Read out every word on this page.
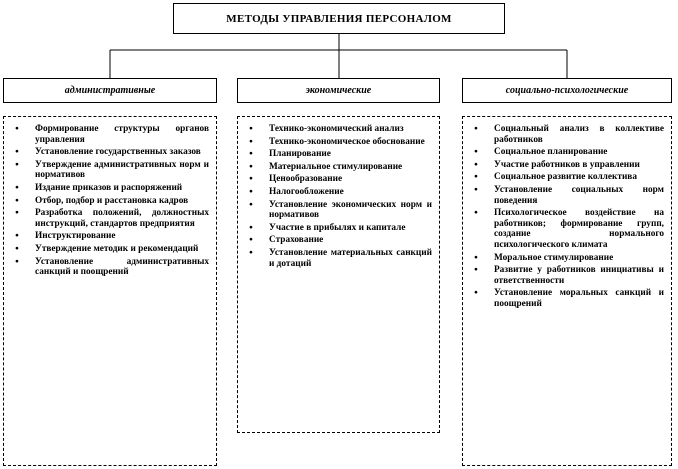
МЕТОДЫ УПРАВЛЕНИЯ ПЕРСОНАЛОМ
административные	экономические	социально-психологические
● Формирование структуры органов управления
● Установление государственных заказов
● Утверждение административных норм и нормативов
● Издание приказов и распоряжений
● Отбор, подбор и расстановка кадров
● Разработка положений, должностных инструкций, стандартов предприятия
● Инструктирование
● Утверждение методик и рекомендаций
● Установление административных санкций и поощрений
● Технико-экономический анализ
● Технико-экономическое обоснование
● Планирование
● Материальное стимулирование
● Ценообразование
● Налогообложение
● Установление экономических норм и нормативов
● Участие в прибылях и капитале
● Страхование
● Установление материальных санкций и дотаций
● Социальный анализ в коллективе работников
● Социальное планирование
● Участие работников в управлении
● Социальное развитие коллектива
● Установление социальных норм поведения
● Психологическое воздействие на работников; формирование групп, создание нормального психологического климата
● Моральное стимулирование
● Развитие у работников инициативы и ответственности
● Установление моральных санкций и поощрений
